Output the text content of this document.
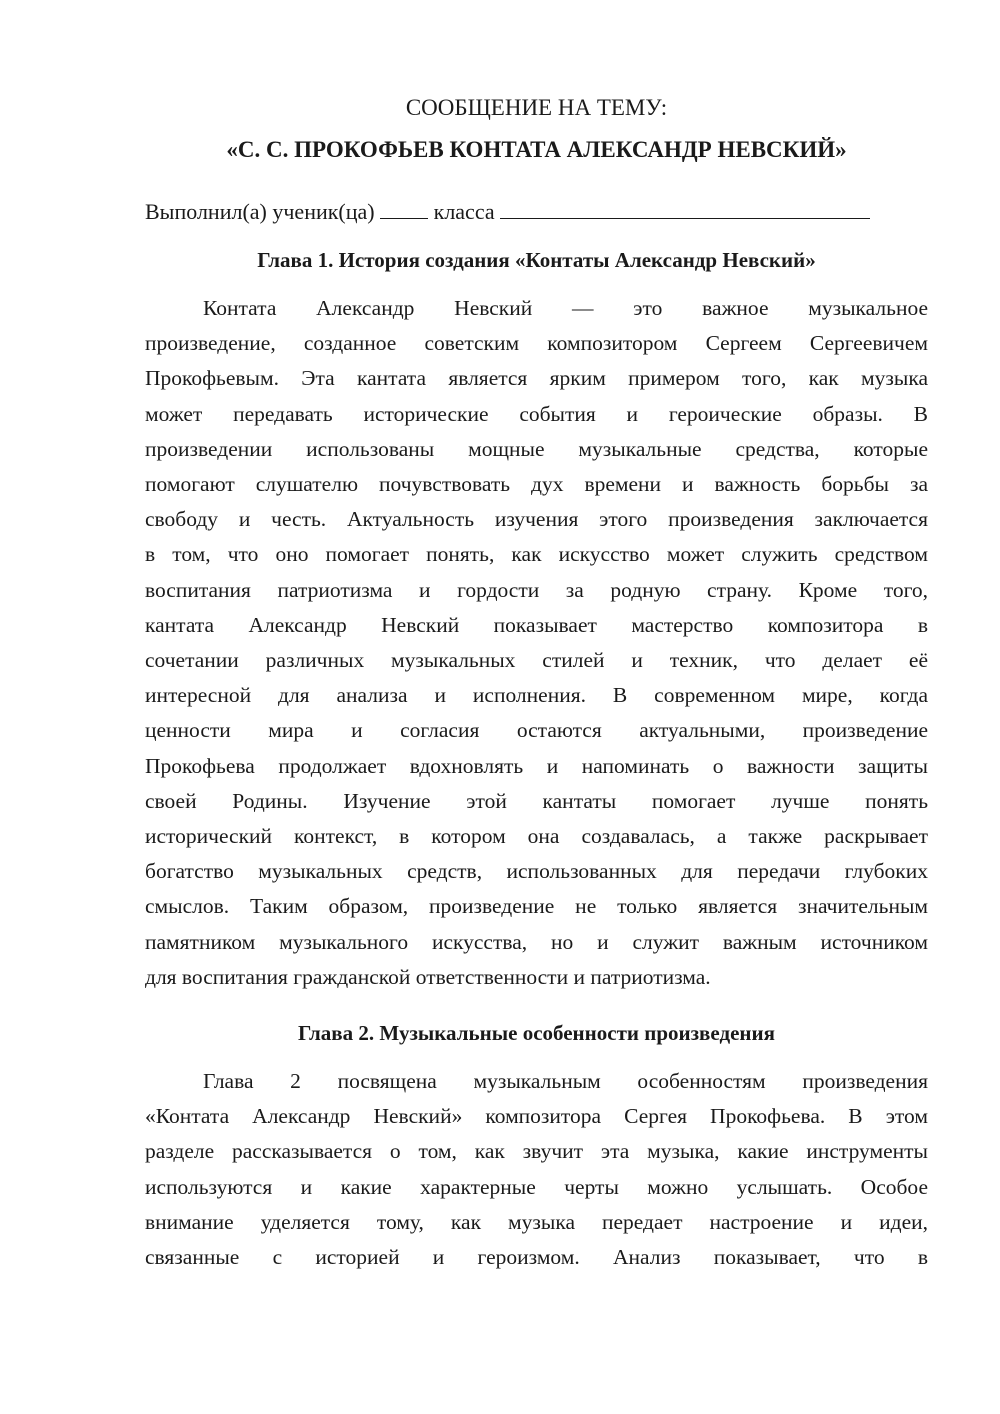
СООБЩЕНИЕ НА ТЕМУ:
«С. С. ПРОКОФЬЕВ КОНТАТА АЛЕКСАНДР НЕВСКИЙ»
Выполнил(а) ученик(ца)	класса
Глава 1. История создания «Контаты Александр Невский»
Контата Александр Невский — это важное музыкальное
произведение, созданное советским композитором Сергеем Сергеевичем
Прокофьевым. Эта кантата является ярким примером того, как музыка
может передавать исторические события и героические образы. В
произведении использованы мощные музыкальные средства, которые
помогают слушателю почувствовать дух времени и важность борьбы за
свободу и честь. Актуальность изучения этого произведения заключается
в том, что оно помогает понять, как искусство может служить средством
воспитания патриотизма и гордости за родную страну. Кроме того,
кантата Александр Невский показывает мастерство композитора в
сочетании различных музыкальных стилей и техник, что делает её
интересной для анализа и исполнения. В современном мире, когда
ценности мира и согласия остаются актуальными, произведение
Прокофьева продолжает вдохновлять и напоминать о важности защиты
своей Родины. Изучение этой кантаты помогает лучше понять
исторический контекст, в котором она создавалась, а также раскрывает
богатство музыкальных средств, использованных для передачи глубоких
смыслов. Таким образом, произведение не только является значительным
памятником музыкального искусства, но и служит важным источником
для воспитания гражданской ответственности и патриотизма.
Глава 2. Музыкальные особенности произведения
Глава 2 посвящена музыкальным особенностям произведения
«Контата Александр Невский» композитора Сергея Прокофьева. В этом
разделе рассказывается о том, как звучит эта музыка, какие инструменты
используются и какие характерные черты можно услышать. Особое
внимание уделяется тому, как музыка передает настроение и идеи,
связанные с историей и героизмом. Анализ показывает, что в
